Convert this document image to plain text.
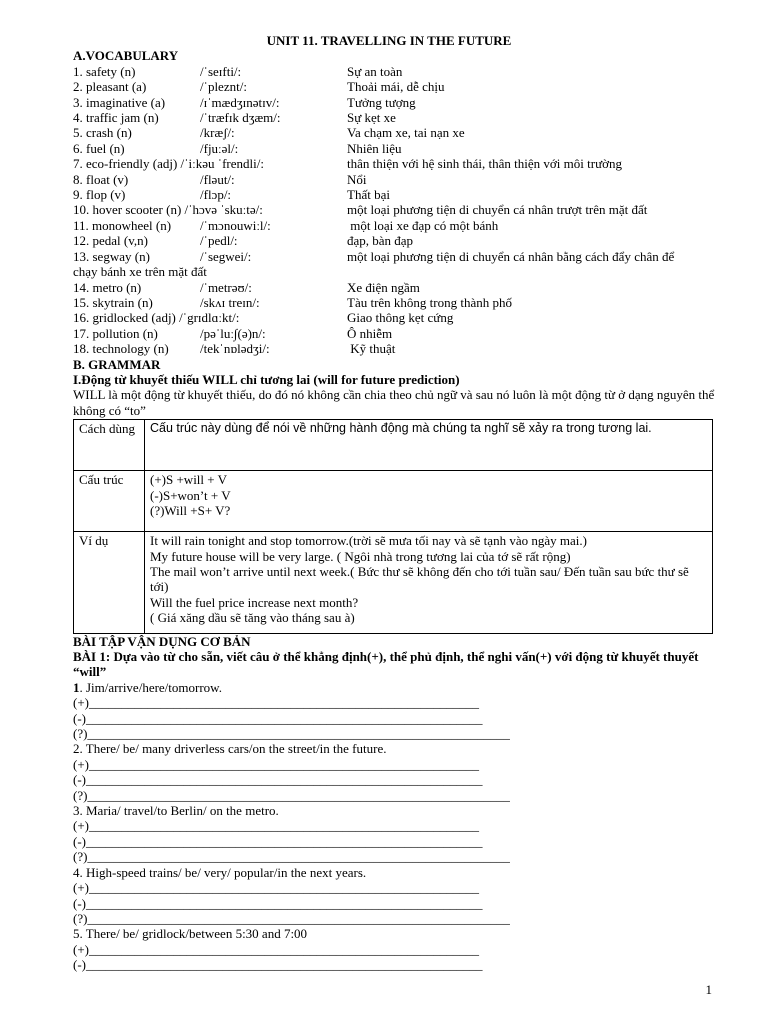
UNIT 11. TRAVELLING IN THE FUTURE
A.VOCABULARY
1. safety (n)	/ˈseɪfti/:	Sự an toàn
2. pleasant (a)	/ˈpleznt/:	Thoải mái, dễ chịu
3. imaginative (a)	/ɪˈmædʒɪnətɪv/:	Tưởng tượng
4. traffic jam (n)	/ˈtræfɪk dʒæm/:	Sự kẹt xe
5. crash (n)	/kræʃ/:	Va chạm xe, tai nạn xe
6. fuel (n)	/fjuːəl/:	Nhiên liệu
7. eco-friendly (adj) /ˈiːkəu ˈfrendli/:	thân thiện với hệ sinh thái, thân thiện với môi trường
8. float (v)	/fləut/:	Nổi
9. flop (v)	/flɔp/:	Thất bại
10. hover scooter (n) /ˈhɔvə ˈskuːtə/:	một loại phương tiện di chuyển cá nhân trượt trên mặt đất
11. monowheel (n)	/ˈmɔnouwiːl/:	một loại xe đạp có một bánh
12. pedal (v,n)	/ˈpedl/:	đạp, bàn đạp
13. segway (n)	/ˈsegwei/:	một loại phương tiện di chuyển cá nhân bằng cách đẩy chân để
chạy bánh xe trên mặt đất
14. metro (n)	/ˈmetrəʊ/:	Xe điện ngầm
15. skytrain (n)	/skʌɪ treɪn/:	Tàu trên không trong thành phố
16. gridlocked (adj) /ˈgrɪdlɑːkt/:	Giao thông kẹt cứng
17. pollution (n)	/pəˈluː∫(ə)n/:	Ô nhiễm
18. technology (n)	/tekˈnɒlədʒi/:	Kỹ thuật
B. GRAMMAR
I.Động từ khuyết thiếu WILL chỉ tương lai (will for future prediction)
WILL là một động từ khuyết thiếu, do đó nó không cần chia theo chủ ngữ và sau nó luôn là một động từ ở dạng nguyên thể không có “to”
Cách dùng	Cấu trúc này dùng để nói về những hành động mà chúng ta nghĩ sẽ xảy ra trong tương lai.

Cấu trúc	(+)S +will + V
(-)S+won’t + V
(?)Will +S+ V?

Ví dụ	It will rain tonight and stop tomorrow.(trời sẽ mưa tối nay và sẽ tạnh vào ngày mai.)
My future house will be very large. ( Ngôi nhà trong tương lai của tớ sẽ rất rộng)
The mail won’t arrive until next week.( Bức thư sẽ không đến cho tới tuần sau/ Đến tuần sau bức thư sẽ tới)
Will the fuel price increase next month?
( Giá xăng dầu sẽ tăng vào tháng sau à)
BÀI TẬP VẬN DỤNG CƠ BẢN
BÀI 1: Dựa vào từ cho sẵn, viết câu ở thể khẳng định(+), thể phủ định, thể nghi vấn(+) với động từ khuyết thuyết “will”
1. Jim/arrive/here/tomorrow.
(+)____________________________________________________________
(-)_____________________________________________________________
(?)_________________________________________________________________
2. There/ be/ many driverless cars/on the street/in the future.
(+)____________________________________________________________
(-)_____________________________________________________________
(?)_________________________________________________________________
3. Maria/ travel/to Berlin/ on the metro.
(+)____________________________________________________________
(-)_____________________________________________________________
(?)_________________________________________________________________
4. High-speed trains/ be/ very/ popular/in the next years.
(+)____________________________________________________________
(-)_____________________________________________________________
(?)_________________________________________________________________
5. There/ be/ gridlock/between 5:30 and 7:00
(+)____________________________________________________________
(-)_____________________________________________________________
1
